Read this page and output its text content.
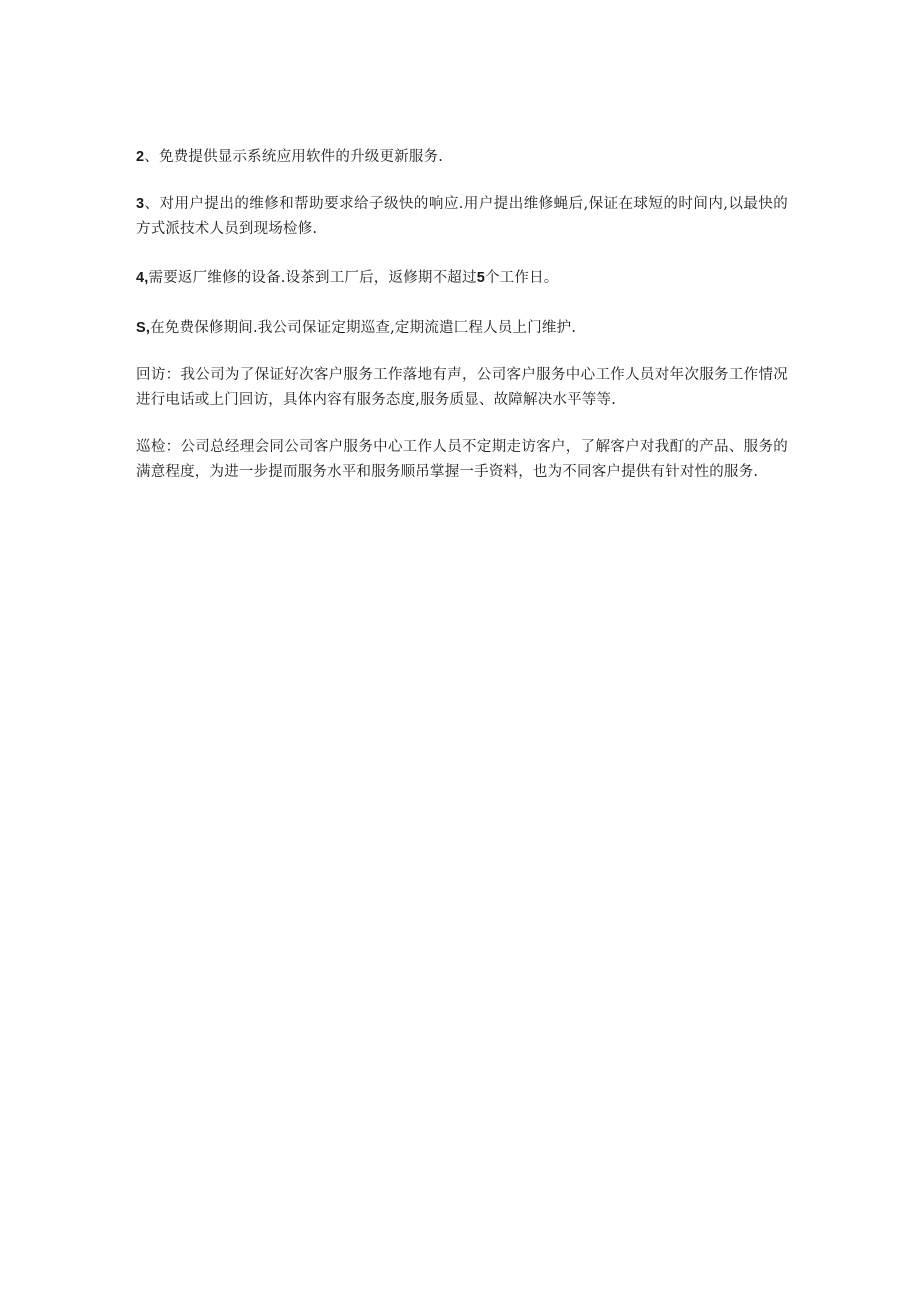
2、免费提供显示系统应用软件的升级更新服务.

3、对用户提出的维修和帮助要求给子级快的响应.用户提出维修蝇后,保证在球短的时间内,以最快的方式派技术人员到现场检修.

4,需要返厂维修的设备.设茶到工厂后，返修期不超过5个工作日。

S,在免费保修期间.我公司保证定期巡查,定期流遣匚程人员上门维护.

回访：我公司为了保证好次客户服务工作落地有声，公司客户服务中心工作人员对年次服务工作情况进行电话或上门回访，具体内容有服务态度,服务质显、故障解决水平等等.

巡检：公司总经理会同公司客户服务中心工作人员不定期走访客户，了解客户对我酊的产品、服务的满意程度，为进一步提而服务水平和服务顺吊掌握一手资料，也为不同客户提供有针对性的服务.
